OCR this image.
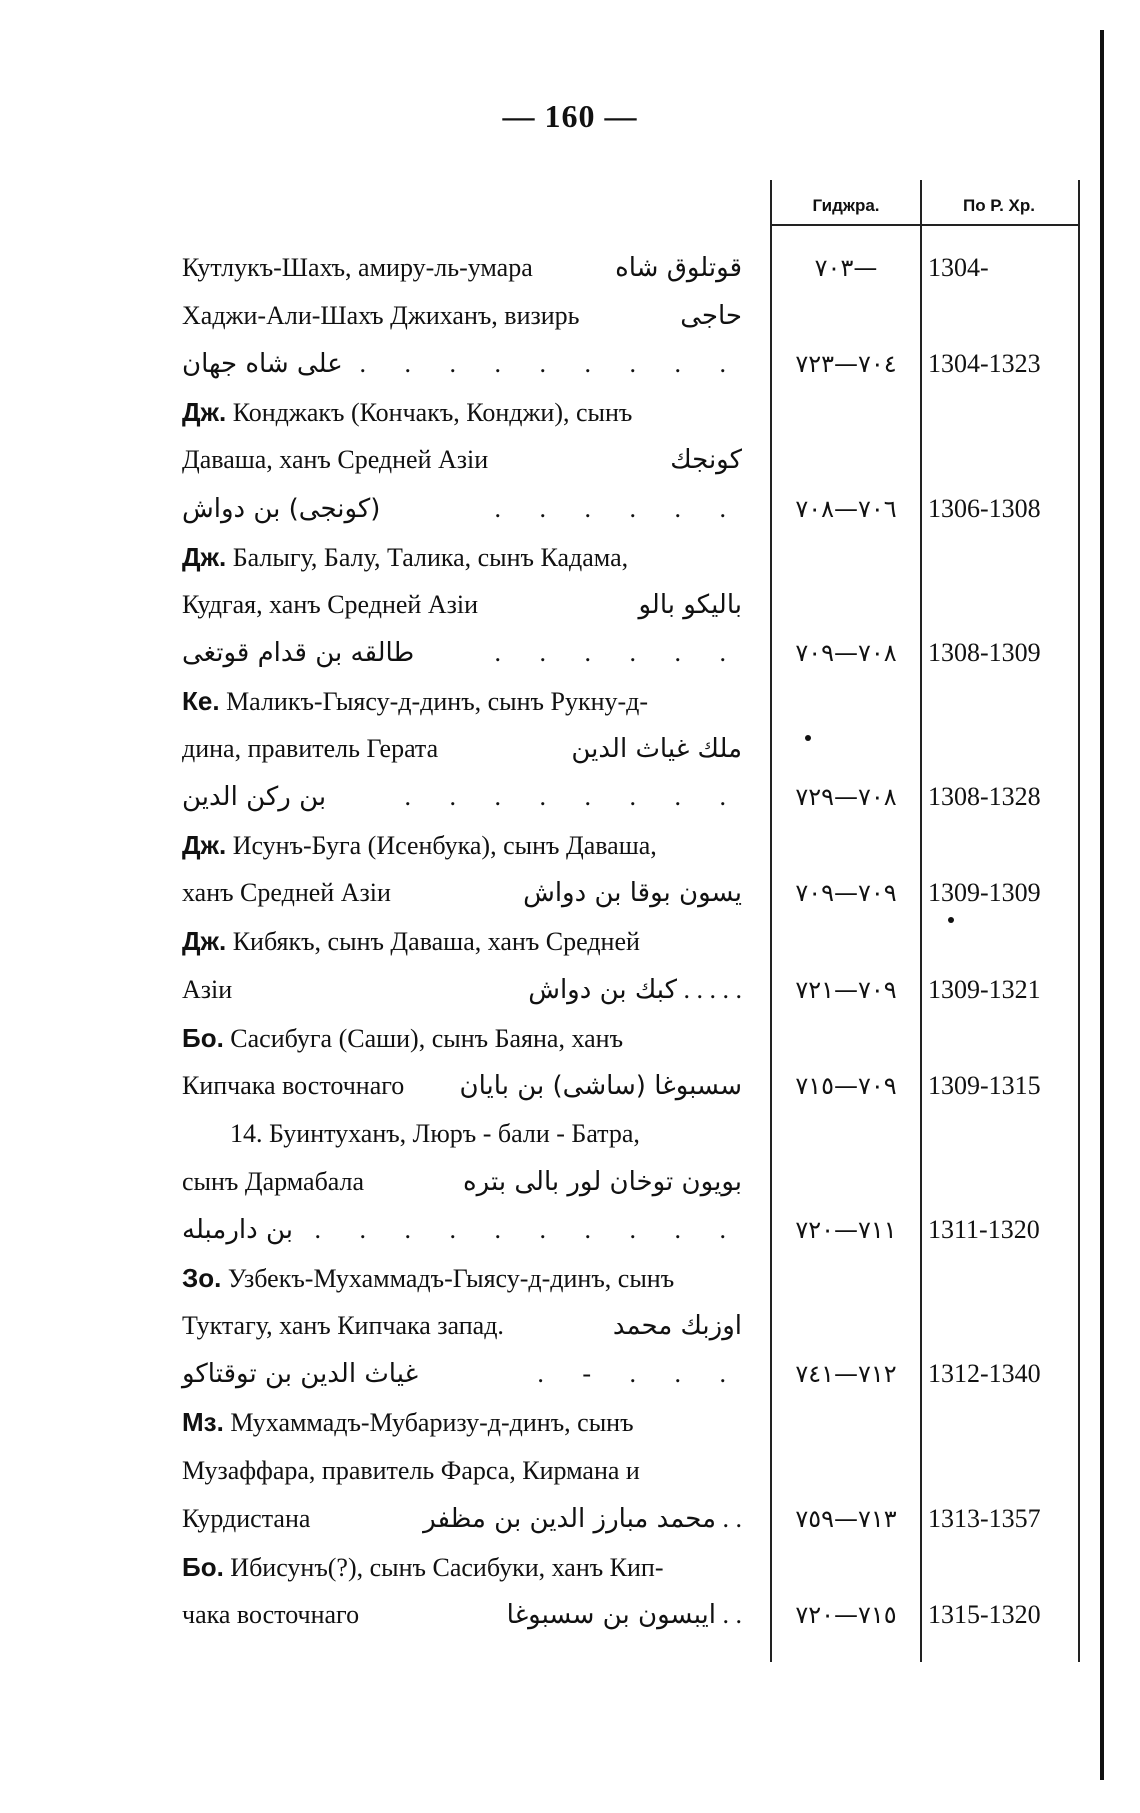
— 160 —
Гиджра.	По Р. Хр.
Кутлукъ-Шахъ, амиру-ль-умара	قوتلوق شاه	٧٠٣—	1304-
Хаджи-Али-Шахъ Джиханъ, визирь	حاجی
علی شاه جهان . . . . . . . . .	٧٠٤—٧٢٣	1304-1323
Дж. Конджакъ (Кончакъ, Конджи), сынъ
Даваша, ханъ Средней Азіи	کونجك
(کونجی) بن دواش	. . . . . .	٧٠٦—٧٠٨	1306-1308
Дж. Балыгу, Балу, Талика, сынъ Кадама,
Кудгая, ханъ Средней Азіи	بالیکو بالو
طالقه بن قدام قوتغی	. . . . . .	٧٠٨—٧٠٩	1308-1309
Ке. Маликъ-Гыясу-д-динъ, сынъ Рукну-д-
дина, правитель Герата	ملك غیاث الدین
بن رکن الدین	. . . . . . . .	٧٠٨—٧٢٩	1308-1328
Дж. Исунъ-Буга (Исенбука), сынъ Даваша,
ханъ Средней Азіи	یسون بوقا بن دواش	٧٠٩—٧٠٩	1309-1309
Дж. Кибякъ, сынъ Даваша, ханъ Средней
Азіи	کبك بن دواش . . . . .	٧٠٩—٧٢١	1309-1321
Бо. Сасибуга (Саши), сынъ Баяна, ханъ
Кипчака восточнаго سسبوغا (ساشی) بن بایان	٧٠٩—٧١٥	1309-1315
14. Буинтуханъ, Люръ - бали - Батра,
сынъ Дармабала	بویون توخان لور بالی بتره
بن دارمبله . . . . . . . . . .	٧١١—٧٢٠	1311-1320
Зо. Узбекъ-Мухаммадъ-Гыясу-д-динъ, сынъ
Туктагу, ханъ Кипчака запад.	اوزبك محمد
غیاث الدین بن توقتاکو	. - . . .	٧١٢—٧٤١	1312-1340
Мз. Мухаммадъ-Мубаризу-д-динъ, сынъ
Музаффара, правитель Фарса, Кирмана и
Курдистана	محمد مبارز الدین بن مظفر . .	٧١٣—٧٥٩	1313-1357
Бо. Ибисунъ(?), сынъ Сасибуки, ханъ Кип-
чака восточнаго	ایبسون بن سسبوغا . .	٧١٥—٧٢٠	1315-1320
